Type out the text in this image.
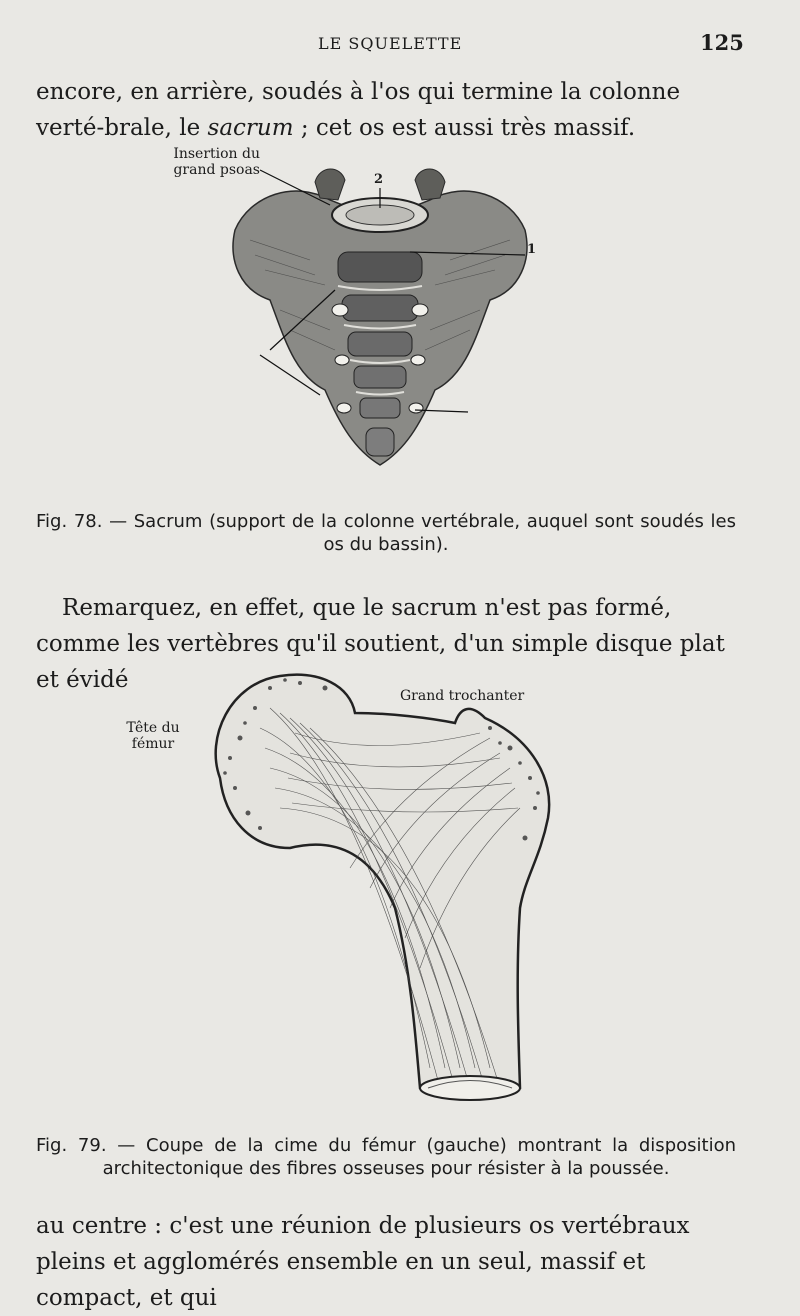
LE SQUELETTE	125
encore, en arrière, soudés à l'os qui termine la colonne verté-brale, le sacrum ; cet os est aussi très massif.
Insertion du grand psoas
1
2
Fig. 78. — Sacrum (support de la colonne vertébrale, auquel sont soudés les os du bassin).
Remarquez, en effet, que le sacrum n'est pas formé, comme les vertèbres qu'il soutient, d'un simple disque plat et évidé
Tête du fémur
Grand trochanter
Fig. 79. — Coupe de la cime du fémur (gauche) montrant la disposition architectonique des fibres osseuses pour résister à la poussée.
au centre : c'est une réunion de plusieurs os vertébraux pleins et agglomérés ensemble en un seul, massif et compact, et qui
